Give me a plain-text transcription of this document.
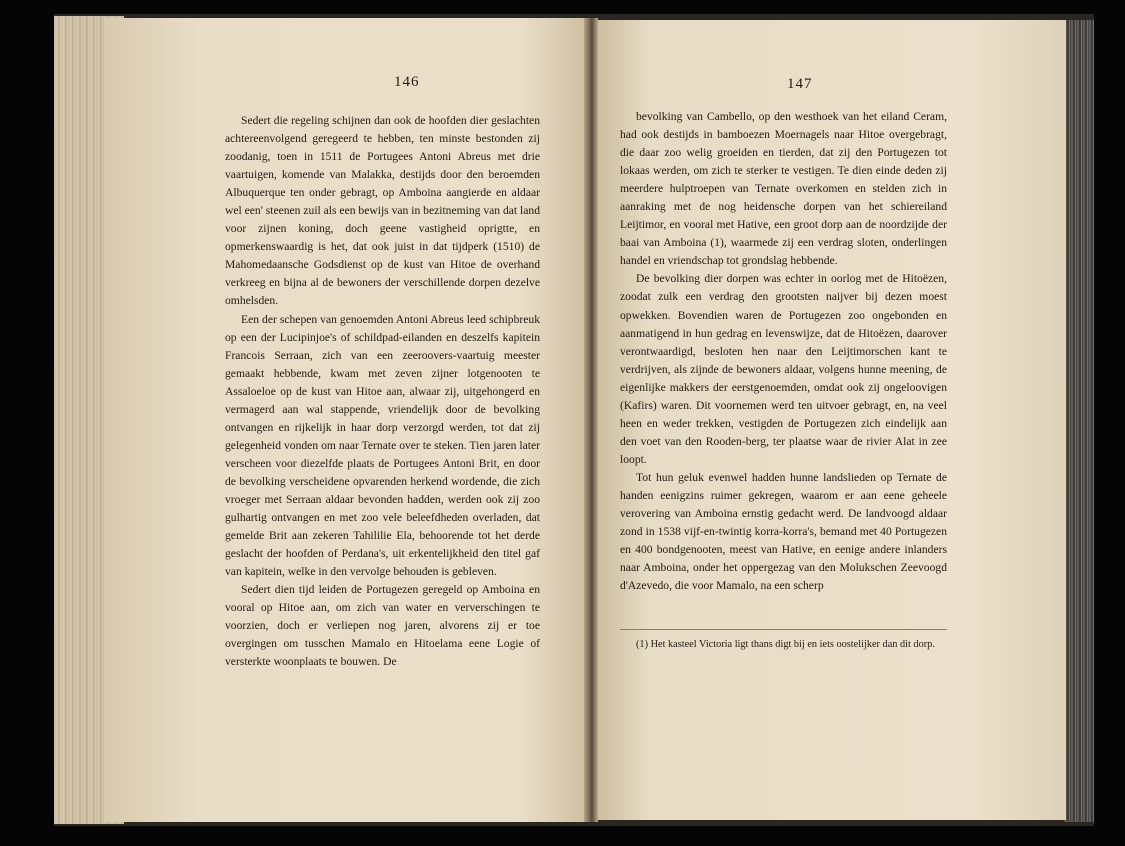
146

Sedert die regeling schijnen dan ook de hoofden dier geslachten achtereenvolgend geregeerd te hebben, ten minste bestonden zij zoodanig, toen in 1511 de Portugees Antoni Abreus met drie vaartuigen, komende van Malakka, destijds door den beroemden Albuquerque ten onder gebragt, op Amboina aangierde en aldaar wel een' steenen zuil als een bewijs van in bezitneming van dat land voor zijnen koning, doch geene vastigheid oprigtte, en opmerkenswaardig is het, dat ook juist in dat tijdperk (1510) de Mahomedaansche Godsdienst op de kust van Hitoe de overhand verkreeg en bijna al de bewoners der verschillende dorpen dezelve omhelsden.

Een der schepen van genoemden Antoni Abreus leed schipbreuk op een der Lucipinjoe's of schildpad-eilanden en deszelfs kapitein Francois Serraan, zich van een zeeroovers-vaartuig meester gemaakt hebbende, kwam met zeven zijner lotgenooten te Assaloeloe op de kust van Hitoe aan, alwaar zij, uitgehongerd en vermagerd aan wal stappende, vriendelijk door de bevolking ontvangen en rijkelijk in haar dorp verzorgd werden, tot dat zij gelegenheid vonden om naar Ternate over te steken. Tien jaren later verscheen voor diezelfde plaats de Portugees Antoni Brit, en door de bevolking verscheidene opvarenden herkend wordende, die zich vroeger met Serraan aldaar bevonden hadden, werden ook zij zoo gulhartig ontvangen en met zoo vele beleefdheden overladen, dat gemelde Brit aan zekeren Tahililie Ela, behoorende tot het derde geslacht der hoofden of Perdana's, uit erkentelijkheid den titel gaf van kapitein, welke in den vervolge behouden is gebleven.

Sedert dien tijd leiden de Portugezen geregeld op Amboina en vooral op Hitoe aan, om zich van water en ververschingen te voorzien, doch er verliepen nog jaren, alvorens zij er toe overgingen om tusschen Mamalo en Hitoelama eene Logie of versterkte woonplaats te bouwen. De

147

bevolking van Cambello, op den westhoek van het eiland Ceram, had ook destijds in bamboezen Moernagels naar Hitoe overgebragt, die daar zoo welig groeiden en tierden, dat zij den Portugezen tot lokaas werden, om zich te sterker te vestigen. Te dien einde deden zij meerdere hulptroepen van Ternate overkomen en stelden zich in aanraking met de nog heidensche dorpen van het schiereiland Leijtimor, en vooral met Hative, een groot dorp aan de noordzijde der baai van Amboina (1), waarmede zij een verdrag sloten, onderlingen handel en vriendschap tot grondslag hebbende.

De bevolking dier dorpen was echter in oorlog met de Hitoëzen, zoodat zulk een verdrag den grootsten naijver bij dezen moest opwekken. Bovendien waren de Portugezen zoo ongebonden en aanmatigend in hun gedrag en levenswijze, dat de Hitoëzen, daarover verontwaardigd, besloten hen naar den Leijtimorschen kant te verdrijven, als zijnde de bewoners aldaar, volgens hunne meening, de eigenlijke makkers der eerstgenoemden, omdat ook zij ongeloovigen (Kafirs) waren. Dit voornemen werd ten uitvoer gebragt, en, na veel heen en weder trekken, vestigden de Portugezen zich eindelijk aan den voet van den Rooden-berg, ter plaatse waar de rivier Alat in zee loopt.

Tot hun geluk evenwel hadden hunne landslieden op Ternate de handen eenigzins ruimer gekregen, waarom er aan eene geheele verovering van Amboina ernstig gedacht werd. De landvoogd aldaar zond in 1538 vijf-en-twintig korra-korra's, bemand met 40 Portugezen en 400 bondgenooten, meest van Hative, en eenige andere inlanders naar Amboina, onder het oppergezag van den Molukschen Zeevoogd d'Azevedo, die voor Mamalo, na een scherp

(1) Het kasteel Victoria ligt thans digt bij en iets oostelijker dan dit dorp.
